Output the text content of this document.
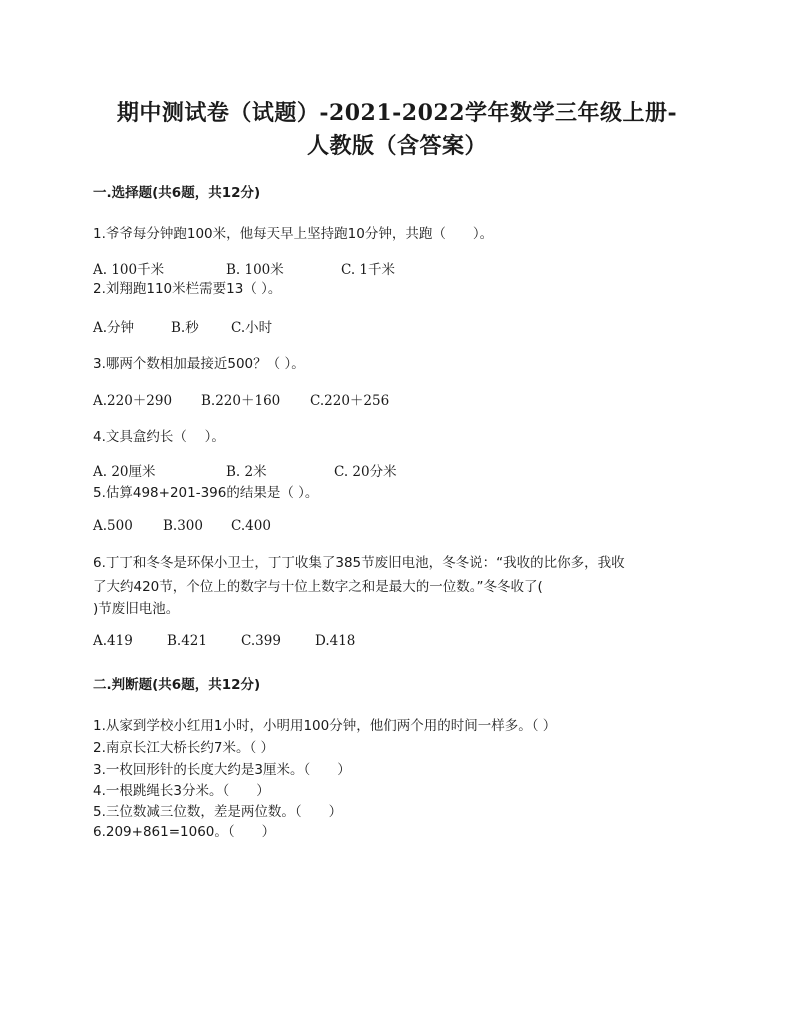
期中测试卷（试题）-2021-2022学年数学三年级上册-
人教版（含答案）
一.选择题(共6题，共12分)
1.爷爷每分钟跑100米，他每天早上坚持跑10分钟，共跑（　　）。
A. 100千米	B. 100米	C. 1千米
2.刘翔跑110米栏需要13（ ）。
A.分钟	B.秒 C.小时
3.哪两个数相加最接近500？（ ）。
A.220＋290 B.220＋160 C.220＋256
4.文具盒约长（　 ）。
A. 20厘米	B. 2米	C. 20分米
5.估算498+201-396的结果是（ ）。
A.500 B.300 C.400
6.丁丁和冬冬是环保小卫士，丁丁收集了385节废旧电池，冬冬说：“我收的比你多，我收
了大约420节，个位上的数字与十位上数字之和是最大的一位数。”冬冬收了(
)节废旧电池。
A.419	B.421	C.399	D.418
二.判断题(共6题，共12分)
1.从家到学校小红用1小时，小明用100分钟，他们两个用的时间一样多。（ ）
2.南京长江大桥长约7米。（ ）
3.一枚回形针的长度大约是3厘米。（　　）
4.一根跳绳长3分米。（　　）
5.三位数减三位数，差是两位数。（　　）
6.209+861=1060。（　　）
